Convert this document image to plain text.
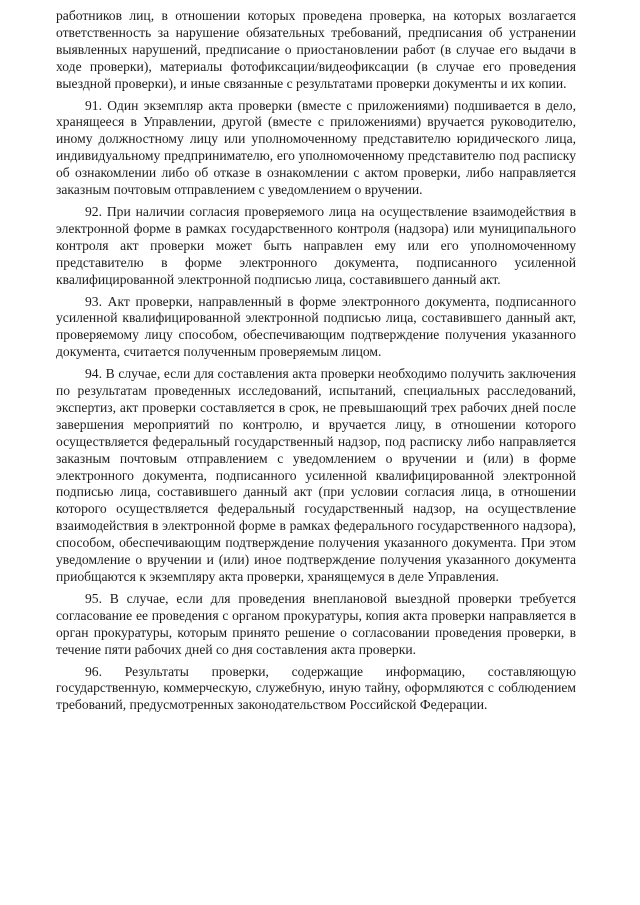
работников лиц, в отношении которых проведена проверка, на которых возлагается ответственность за нарушение обязательных требований, предписания об устранении выявленных нарушений, предписание о приостановлении работ (в случае его выдачи в ходе проверки), материалы фотофиксации/видеофиксации (в случае его проведения выездной проверки), и иные связанные с результатами проверки документы и их копии.

91. Один экземпляр акта проверки (вместе с приложениями) подшивается в дело, хранящееся в Управлении, другой (вместе с приложениями) вручается руководителю, иному должностному лицу или уполномоченному представителю юридического лица, индивидуальному предпринимателю, его уполномоченному представителю под расписку об ознакомлении либо об отказе в ознакомлении с актом проверки, либо направляется заказным почтовым отправлением с уведомлением о вручении.

92. При наличии согласия проверяемого лица на осуществление взаимодействия в электронной форме в рамках государственного контроля (надзора) или муниципального контроля акт проверки может быть направлен ему или его уполномоченному представителю в форме электронного документа, подписанного усиленной квалифицированной электронной подписью лица, составившего данный акт.

93. Акт проверки, направленный в форме электронного документа, подписанного усиленной квалифицированной электронной подписью лица, составившего данный акт, проверяемому лицу способом, обеспечивающим подтверждение получения указанного документа, считается полученным проверяемым лицом.

94. В случае, если для составления акта проверки необходимо получить заключения по результатам проведенных исследований, испытаний, специальных расследований, экспертиз, акт проверки составляется в срок, не превышающий трех рабочих дней после завершения мероприятий по контролю, и вручается лицу, в отношении которого осуществляется федеральный государственный надзор, под расписку либо направляется заказным почтовым отправлением с уведомлением о вручении и (или) в форме электронного документа, подписанного усиленной квалифицированной электронной подписью лица, составившего данный акт (при условии согласия лица, в отношении которого осуществляется федеральный государственный надзор, на осуществление взаимодействия в электронной форме в рамках федерального государственного надзора), способом, обеспечивающим подтверждение получения указанного документа. При этом уведомление о вручении и (или) иное подтверждение получения указанного документа приобщаются к экземпляру акта проверки, хранящемуся в деле Управления.

95. В случае, если для проведения внеплановой выездной проверки требуется согласование ее проведения с органом прокуратуры, копия акта проверки направляется в орган прокуратуры, которым принято решение о согласовании проведения проверки, в течение пяти рабочих дней со дня составления акта проверки.

96. Результаты проверки, содержащие информацию, составляющую государственную, коммерческую, служебную, иную тайну, оформляются с соблюдением требований, предусмотренных законодательством Российской Федерации.
